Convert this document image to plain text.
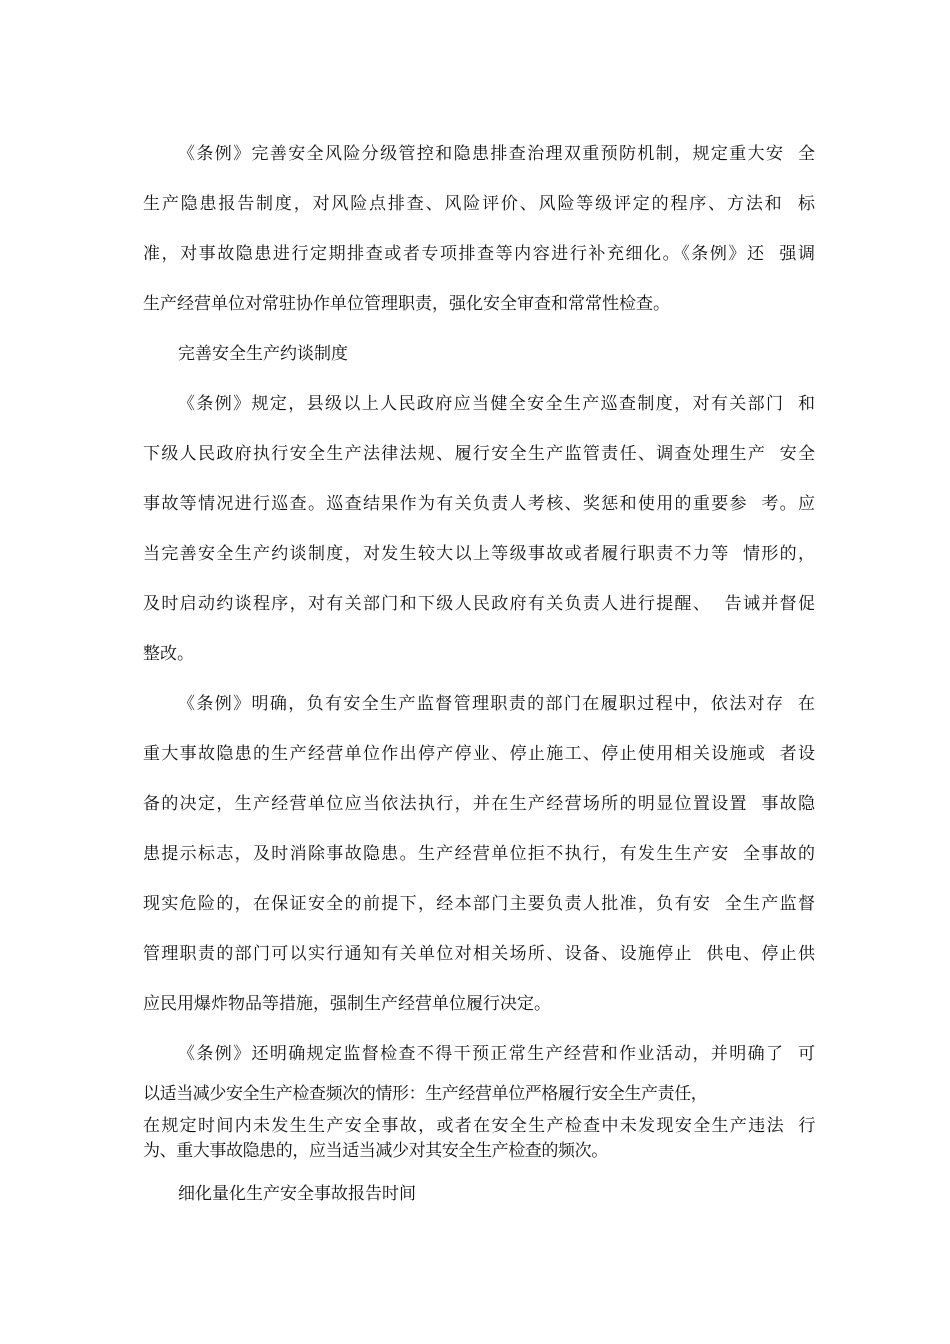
《条例》完善安全风险分级管控和隐患排查治理双重预防机制，规定重大安  全
生产隐患报告制度，对风险点排查、风险评价、风险等级评定的程序、方法和  标
准，对事故隐患进行定期排查或者专项排查等内容进行补充细化。《条例》还  强调
生产经营单位对常驻协作单位管理职责，强化安全审查和常常性检查。
完善安全生产约谈制度
《条例》规定，县级以上人民政府应当健全安全生产巡查制度，对有关部门  和
下级人民政府执行安全生产法律法规、履行安全生产监管责任、调查处理生产  安全
事故等情况进行巡查。巡查结果作为有关负责人考核、奖惩和使用的重要参  考。应
当完善安全生产约谈制度，对发生较大以上等级事故或者履行职责不力等  情形的，
及时启动约谈程序，对有关部门和下级人民政府有关负责人进行提醒、  告诫并督促
整改。
《条例》明确，负有安全生产监督管理职责的部门在履职过程中，依法对存  在
重大事故隐患的生产经营单位作出停产停业、停止施工、停止使用相关设施或  者设
备的决定，生产经营单位应当依法执行，并在生产经营场所的明显位置设置  事故隐
患提示标志，及时消除事故隐患。生产经营单位拒不执行，有发生生产安  全事故的
现实危险的，在保证安全的前提下，经本部门主要负责人批准，负有安  全生产监督
管理职责的部门可以实行通知有关单位对相关场所、设备、设施停止  供电、停止供
应民用爆炸物品等措施，强制生产经营单位履行决定。
《条例》还明确规定监督检查不得干预正常生产经营和作业活动，并明确了  可
以适当减少安全生产检查频次的情形：生产经营单位严格履行安全生产责任，
在规定时间内未发生生产安全事故，或者在安全生产检查中未发现安全生产违法  行
为、重大事故隐患的，应当适当减少对其安全生产检查的频次。
细化量化生产安全事故报告时间
